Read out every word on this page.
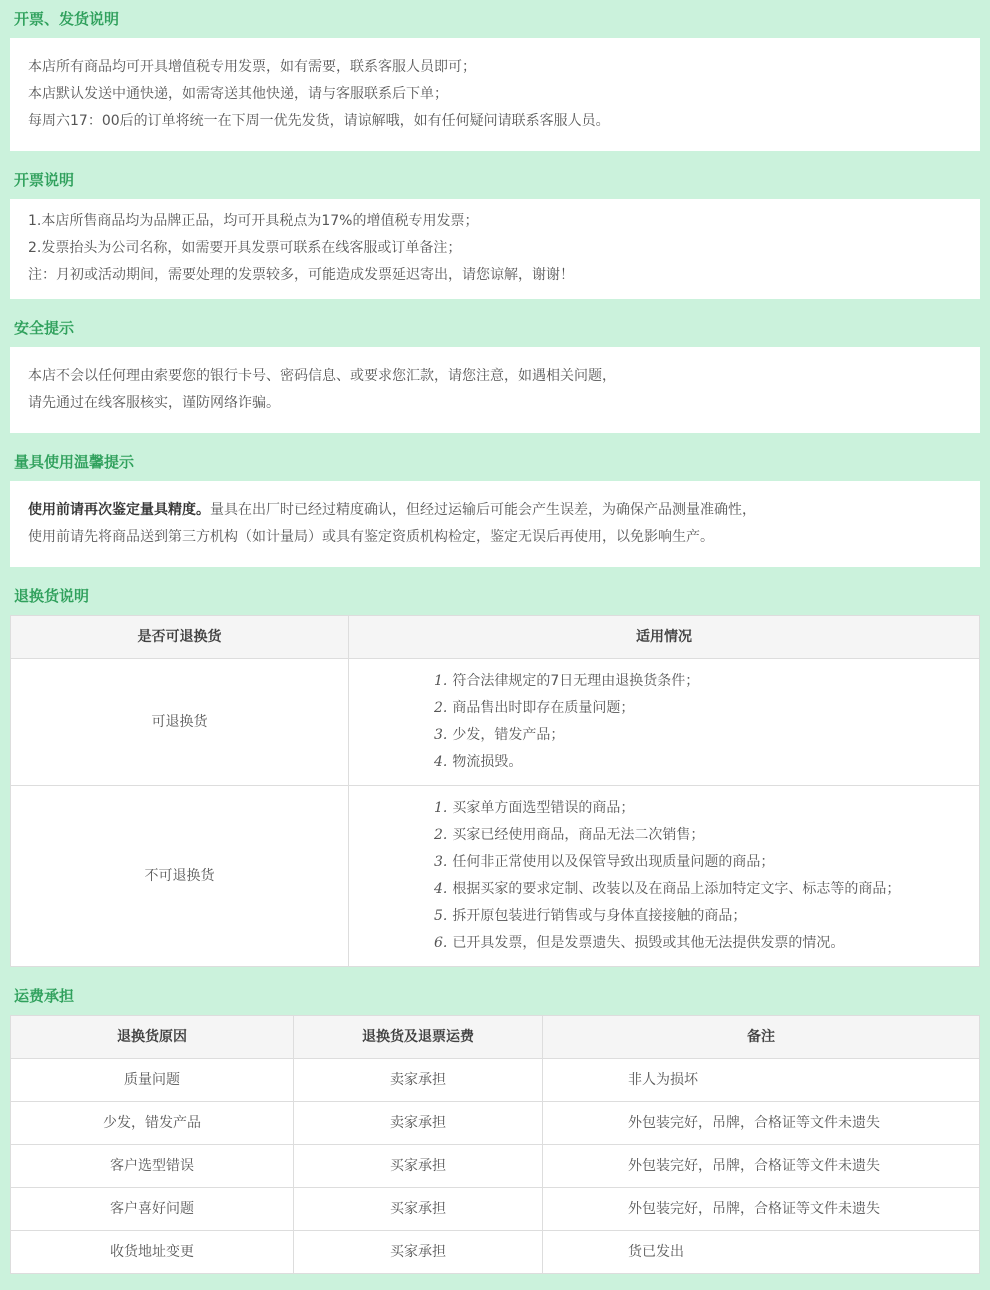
开票、发货说明

本店所有商品均可开具增值税专用发票，如有需要，联系客服人员即可；

本店默认发送中通快递，如需寄送其他快递，请与客服联系后下单；

每周六17：00后的订单将统一在下周一优先发货，请谅解哦，如有任何疑问请联系客服人员。

开票说明

1.本店所售商品均为品牌正品，均可开具税点为17%的增值税专用发票；

2.发票抬头为公司名称，如需要开具发票可联系在线客服或订单备注；

注：月初或活动期间，需要处理的发票较多，可能造成发票延迟寄出，请您谅解，谢谢！

安全提示

本店不会以任何理由索要您的银行卡号、密码信息、或要求您汇款，请您注意，如遇相关问题，

请先通过在线客服核实，谨防网络诈骗。

量具使用温馨提示

使用前请再次鉴定量具精度。量具在出厂时已经过精度确认，但经过运输后可能会产生误差，为确保产品测量准确性，

使用前请先将商品送到第三方机构（如计量局）或具有鉴定资质机构检定，鉴定无误后再使用，以免影响生产。

退换货说明
是否可退换货	适用情况
可退换货	
1. 符合法律规定的7日无理由退换货条件；
2. 商品售出时即存在质量问题；
3. 少发，错发产品；
4. 物流损毁。

不可退换货	
1. 买家单方面选型错误的商品；
2. 买家已经使用商品，商品无法二次销售；
3. 任何非正常使用以及保管导致出现质量问题的商品；
4. 根据买家的要求定制、改装以及在商品上添加特定文字、标志等的商品；
5. 拆开原包装进行销售或与身体直接接触的商品；
6. 已开具发票，但是发票遗失、损毁或其他无法提供发票的情况。
运费承担
退换货原因	退换货及退票运费	备注
质量问题	卖家承担	非人为损坏
少发，错发产品	卖家承担	外包装完好，吊牌，合格证等文件未遗失
客户选型错误	买家承担	外包装完好，吊牌，合格证等文件未遗失
客户喜好问题	买家承担	外包装完好，吊牌，合格证等文件未遗失
收货地址变更	买家承担	货已发出
